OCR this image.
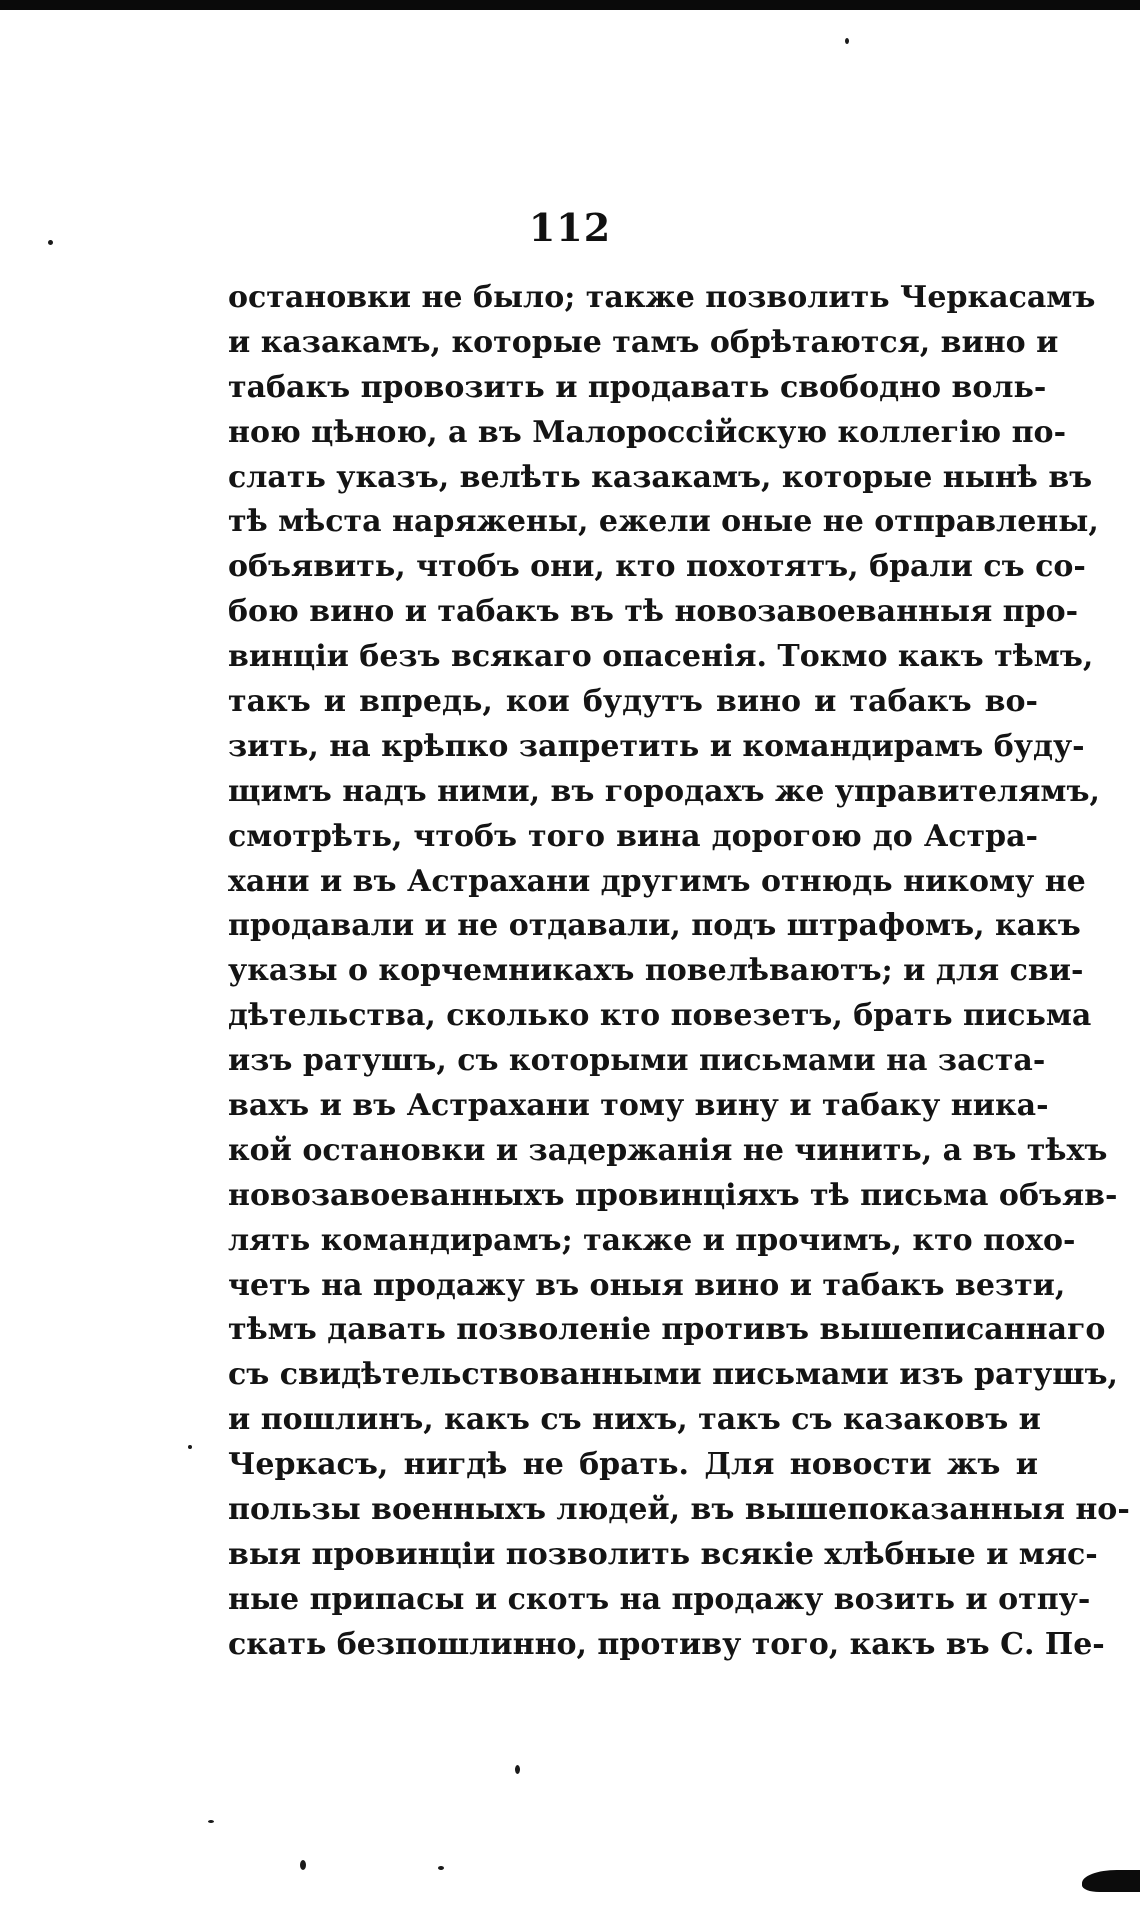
112
остановки не было; также позволить Черкасамъ
и казакамъ, которые тамъ обрѣтаются, вино и
табакъ провозить и продавать свободно воль-
ною цѣною, а въ Малороссійскую коллегію по-
слать указъ, велѣть казакамъ, которые нынѣ въ
тѣ мѣста наряжены, ежели оные не отправлены,
объявить, чтобъ они, кто похотятъ, брали съ со-
бою вино и табакъ въ тѣ новозавоеванныя про-
винціи безъ всякаго опасенія. Токмо какъ тѣмъ,
такъ и впредь, кои будутъ вино и табакъ во-
зить, на крѣпко запретить и командирамъ буду-
щимъ надъ ними, въ городахъ же управителямъ,
смотрѣть, чтобъ того вина дорогою до Астра-
хани и въ Астрахани другимъ отнюдь никому не
продавали и не отдавали, подъ штрафомъ, какъ
указы о корчемникахъ повелѣваютъ; и для сви-
дѣтельства, сколько кто повезетъ, брать письма
изъ ратушъ, съ которыми письмами на заста-
вахъ и въ Астрахани тому вину и табаку ника-
кой остановки и задержанія не чинить, а въ тѣхъ
новозавоеванныхъ провинціяхъ тѣ письма объяв-
лять командирамъ; также и прочимъ, кто похо-
четъ на продажу въ оныя вино и табакъ везти,
тѣмъ давать позволеніе противъ вышеписаннаго
съ свидѣтельствованными письмами изъ ратушъ,
и пошлинъ, какъ съ нихъ, такъ съ казаковъ и
Черкасъ, нигдѣ не брать. Для новости жъ и
пользы военныхъ людей, въ вышепоказанныя но-
выя провинціи позволить всякіе хлѣбные и мяс-
ные припасы и скотъ на продажу возить и отпу-
скать безпошлинно, противу того, какъ въ С. Пе-
